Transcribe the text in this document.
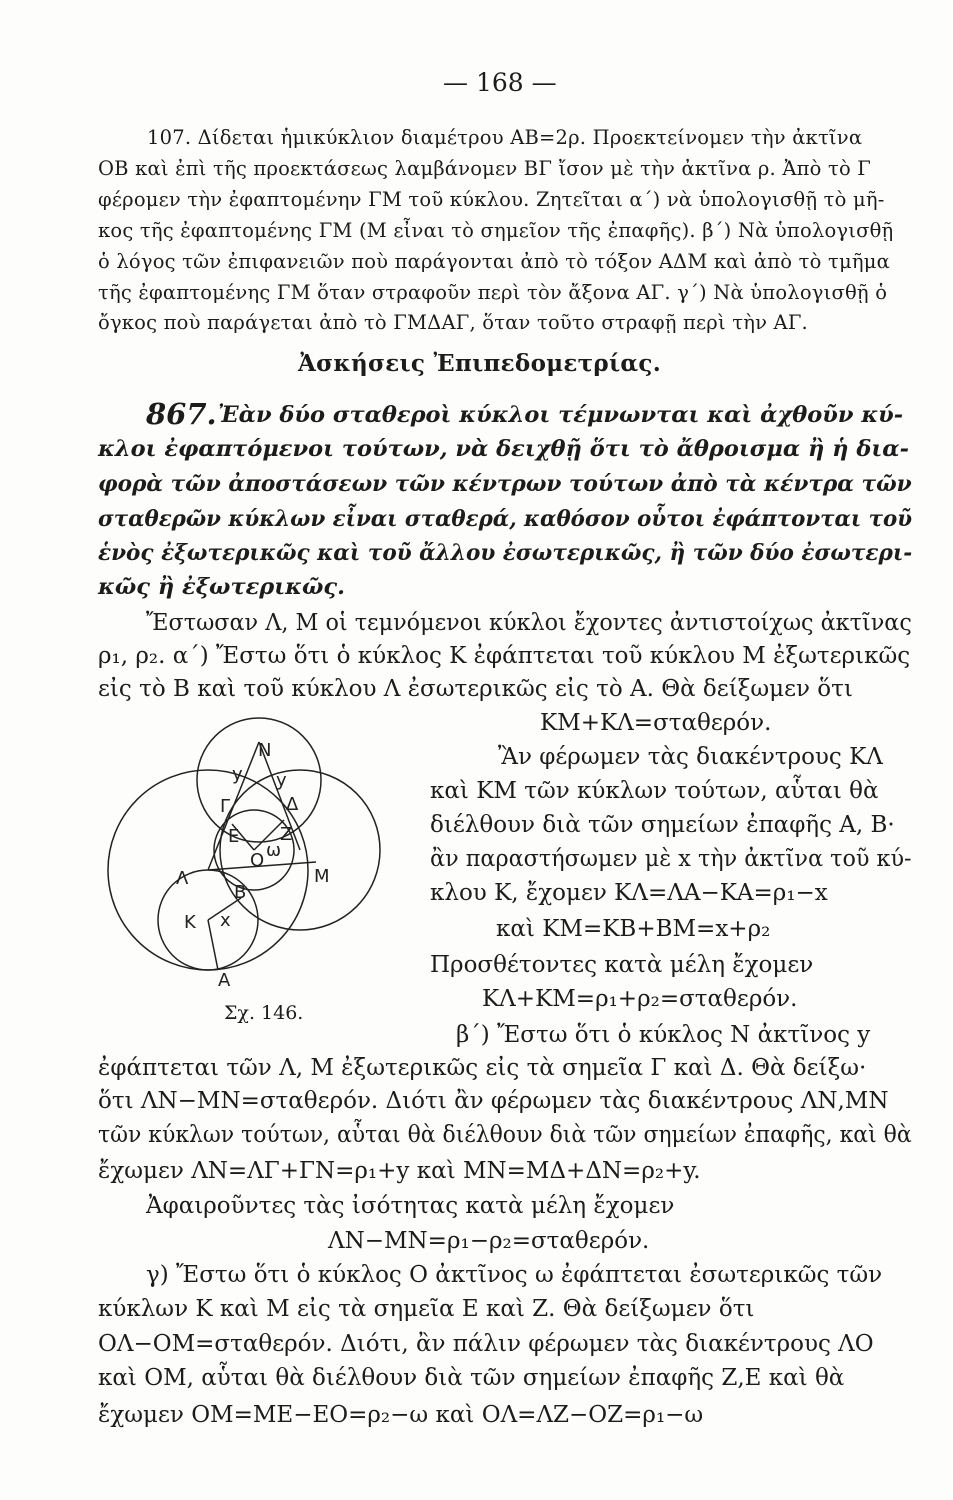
— 168 —
107. Δίδεται ἡμικύκλιον διαμέτρου ΑΒ=2ρ. Προεκτείνομεν τὴν ἀκτῖνα
ΟΒ καὶ ἐπὶ τῆς προεκτάσεως λαμβάνομεν ΒΓ ἴσον μὲ τὴν ἀκτῖνα ρ. Ἀπὸ τὸ Γ
φέρομεν τὴν ἐφαπτομένην ΓΜ τοῦ κύκλου. Ζητεῖται α΄) νὰ ὑπολογισθῇ τὸ μῆ-
κος τῆς ἐφαπτομένης ΓΜ (Μ εἶναι τὸ σημεῖον τῆς ἐπαφῆς). β΄) Νὰ ὑπολογισθῇ
ὁ λόγος τῶν ἐπιφανειῶν ποὺ παράγονται ἀπὸ τὸ τόξον ΑΔΜ καὶ ἀπὸ τὸ τμῆμα
τῆς ἐφαπτομένης ΓΜ ὅταν στραφοῦν περὶ τὸν ἄξονα ΑΓ. γ΄) Νὰ ὑπολογισθῇ ὁ
ὄγκος ποὺ παράγεται ἀπὸ τὸ ΓΜΔΑΓ, ὅταν τοῦτο στραφῇ περὶ τὴν ΑΓ.
Ἀσκήσεις Ἐπιπεδομετρίας.
867. Ἐὰν δύο σταθεροὶ κύκλοι τέμνωνται καὶ ἀχθοῦν κύ-
κλοι ἐφαπτόμενοι τούτων, νὰ δειχθῇ ὅτι τὸ ἄθροισμα ἢ ἡ δια-
φορὰ τῶν ἀποστάσεων τῶν κέντρων τούτων ἀπὸ τὰ κέντρα τῶν
σταθερῶν κύκλων εἶναι σταθερά, καθόσον οὗτοι ἐφάπτονται τοῦ
ἑνὸς ἐξωτερικῶς καὶ τοῦ ἄλλου ἐσωτερικῶς, ἢ τῶν δύο ἐσωτερι-
κῶς ἢ ἐξωτερικῶς.
Ἔστωσαν Λ, Μ οἱ τεμνόμενοι κύκλοι ἔχοντες ἀντιστοίχως ἀκτῖνας
ρ₁, ρ₂. α΄) Ἔστω ὅτι ὁ κύκλος Κ ἐφάπτεται τοῦ κύκλου Μ ἐξωτερικῶς
εἰς τὸ Β καὶ τοῦ κύκλου Λ ἐσωτερικῶς εἰς τὸ Α. Θὰ δείξωμεν ὅτι
ΚΜ+ΚΛ=σταθερόν.
N
y y
Γ	Δ
E Z
O ω
Λ	M
B
K x
A
Σχ. 146.
Ἂν φέρωμεν τὰς διακέντρους ΚΛ
καὶ ΚΜ τῶν κύκλων τούτων, αὗται θὰ
διέλθουν διὰ τῶν σημείων ἐπαφῆς Α, Β·
ἂν παραστήσωμεν μὲ x τὴν ἀκτῖνα τοῦ κύ-
κλου Κ, ἔχομεν ΚΛ=ΛΑ−ΚΑ=ρ₁−x
καὶ ΚΜ=ΚΒ+ΒΜ=x+ρ₂
Προσθέτοντες κατὰ μέλη ἔχομεν
ΚΛ+ΚΜ=ρ₁+ρ₂=σταθερόν.
β΄) Ἔστω ὅτι ὁ κύκλος Ν ἀκτῖνος y
ἐφάπτεται τῶν Λ, Μ ἐξωτερικῶς εἰς τὰ σημεῖα Γ καὶ Δ. Θὰ δείξω·
ὅτι ΛΝ−ΜΝ=σταθερόν. Διότι ἂν φέρωμεν τὰς διακέντρους ΛΝ,ΜΝ
τῶν κύκλων τούτων, αὗται θὰ διέλθουν διὰ τῶν σημείων ἐπαφῆς, καὶ θὰ
ἔχωμεν ΛΝ=ΛΓ+ΓΝ=ρ₁+y καὶ ΜΝ=ΜΔ+ΔΝ=ρ₂+y.
Ἀφαιροῦντες τὰς ἰσότητας κατὰ μέλη ἔχομεν
ΛΝ−ΜΝ=ρ₁−ρ₂=σταθερόν.
γ) Ἔστω ὅτι ὁ κύκλος Ο ἀκτῖνος ω ἐφάπτεται ἐσωτερικῶς τῶν
κύκλων Κ καὶ Μ εἰς τὰ σημεῖα Ε καὶ Ζ. Θὰ δείξωμεν ὅτι
ΟΛ−ΟΜ=σταθερόν. Διότι, ἂν πάλιν φέρωμεν τὰς διακέντρους ΛΟ
καὶ ΟΜ, αὗται θὰ διέλθουν διὰ τῶν σημείων ἐπαφῆς Ζ,Ε καὶ θὰ
ἔχωμεν ΟΜ=ΜΕ−ΕΟ=ρ₂−ω καὶ ΟΛ=ΛΖ−ΟΖ=ρ₁−ω
